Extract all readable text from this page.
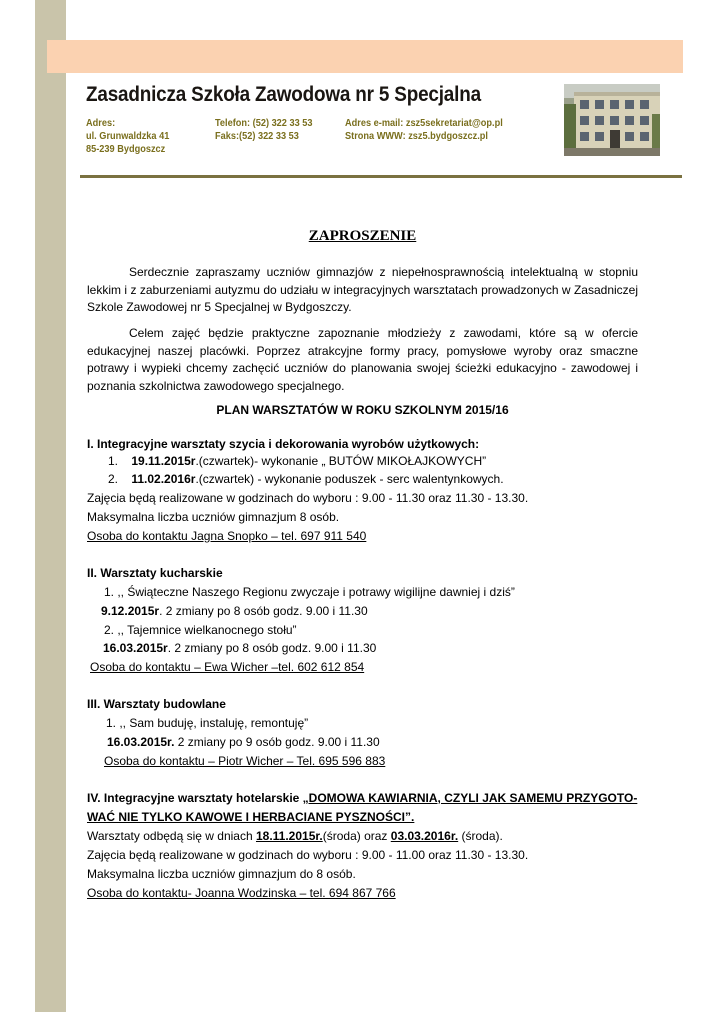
Zasadnicza Szkoła Zawodowa nr 5 Specjalna
Adres:
ul. Grunwaldzka 41
85-239 Bydgoszcz
Telefon: (52) 322 33 53
Faks:(52) 322 33 53
Adres e-mail: zsz5sekretariat@op.pl
Strona WWW: zsz5.bydgoszcz.pl
ZAPROSZENIE
Serdecznie zapraszamy uczniów gimnazjów z niepełnosprawnością intelektualną w stopniu lekkim i z zaburzeniami autyzmu do udziału w integracyjnych warsztatach prowadzonych w Zasadniczej Szkole Zawodowej nr 5 Specjalnej w Bydgoszczy.
Celem zajęć będzie praktyczne zapoznanie młodzieży z zawodami, które są w ofercie edukacyjnej naszej placówki. Poprzez atrakcyjne formy pracy, pomysłowe wyroby oraz smaczne potrawy i wypieki chcemy zachęcić uczniów do planowania swojej ścieżki edukacyjno - zawodowej i poznania szkolnictwa zawodowego specjalnego.
PLAN WARSZTATÓW W ROKU SZKOLNYM 2015/16
I. Integracyjne warsztaty szycia i dekorowania wyrobów użytkowych:
1. 19.11.2015r.(czwartek)- wykonanie „ BUTÓW MIKOŁAJKOWYCH”
2. 11.02.2016r.(czwartek) - wykonanie poduszek - serc walentynkowych.
Zajęcia będą realizowane w godzinach do wyboru : 9.00 - 11.30 oraz 11.30 - 13.30.
Maksymalna liczba uczniów gimnazjum 8 osób.
Osoba do kontaktu Jagna Snopko – tel. 697 911 540
II. Warsztaty kucharskie
1. ,, Świąteczne Naszego Regionu zwyczaje i potrawy wigilijne dawniej i dziś”
9.12.2015r. 2 zmiany po 8 osób godz. 9.00 i 11.30
2. ,, Tajemnice wielkanocnego stołu”
16.03.2015r. 2 zmiany po 8 osób godz. 9.00 i 11.30
Osoba do kontaktu – Ewa Wicher –tel. 602 612 854
III. Warsztaty budowlane
1. ,, Sam buduję, instaluję, remontuję”
16.03.2015r. 2 zmiany po 9 osób godz. 9.00 i 11.30
Osoba do kontaktu – Piotr Wicher – Tel. 695 596 883
IV. Integracyjne warsztaty hotelarskie „DOMOWA KAWIARNIA, CZYLI JAK SAMEMU PRZYGOTO-
WAĆ NIE TYLKO KAWOWE I HERBACIANE PYSZNOŚCI”.
Warsztaty odbędą się w dniach 18.11.2015r.(środa) oraz 03.03.2016r. (środa).
Zajęcia będą realizowane w godzinach do wyboru : 9.00 - 11.00 oraz 11.30 - 13.30.
Maksymalna liczba uczniów gimnazjum do 8 osób.
Osoba do kontaktu- Joanna Wodzinska – tel. 694 867 766
